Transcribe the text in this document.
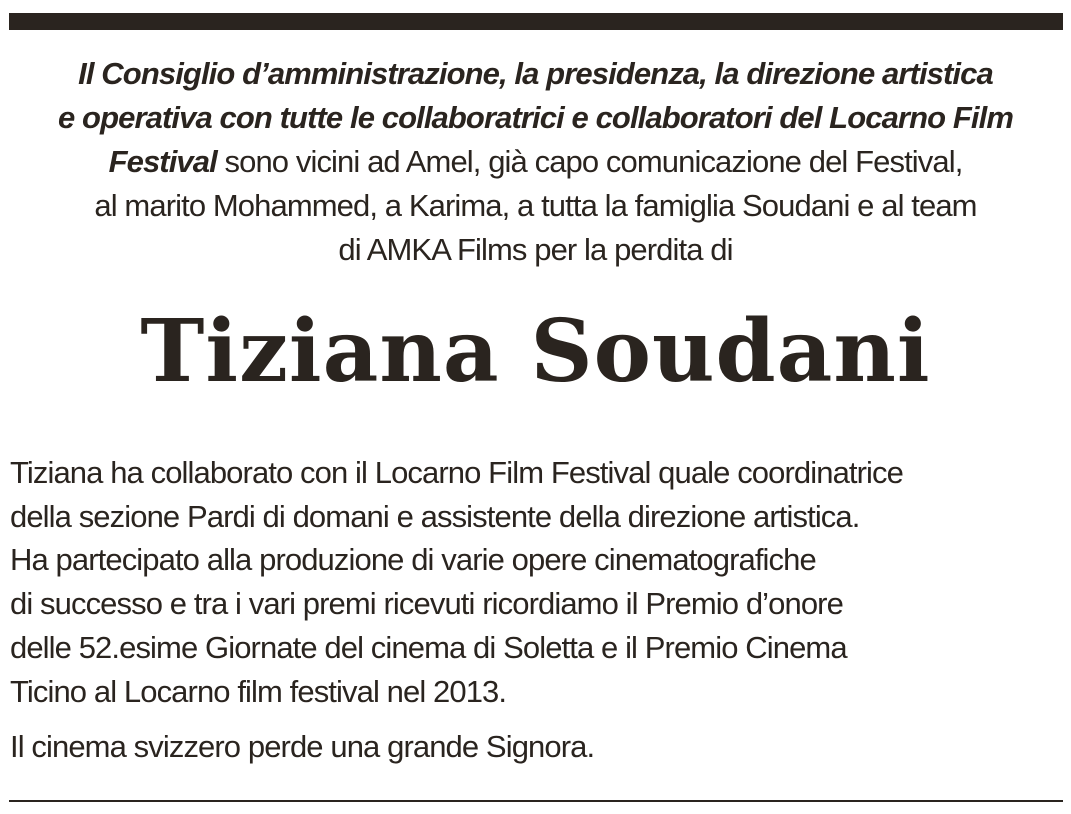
Il Consiglio d’amministrazione, la presidenza, la direzione artistica
e operativa con tutte le collaboratrici e collaboratori del Locarno Film
Festival sono vicini ad Amel, già capo comunicazione del Festival,
al marito Mohammed, a Karima, a tutta la famiglia Soudani e al team
di AMKA Films per la perdita di
Tiziana Soudani
Tiziana ha collaborato con il Locarno Film Festival quale coordinatrice
della sezione Pardi di domani e assistente della direzione artistica.
Ha partecipato alla produzione di varie opere cinematografiche
di successo e tra i vari premi ricevuti ricordiamo il Premio d’onore
delle 52.esime Giornate del cinema di Soletta e il Premio Cinema
Ticino al Locarno film festival nel 2013.
Il cinema svizzero perde una grande Signora.
